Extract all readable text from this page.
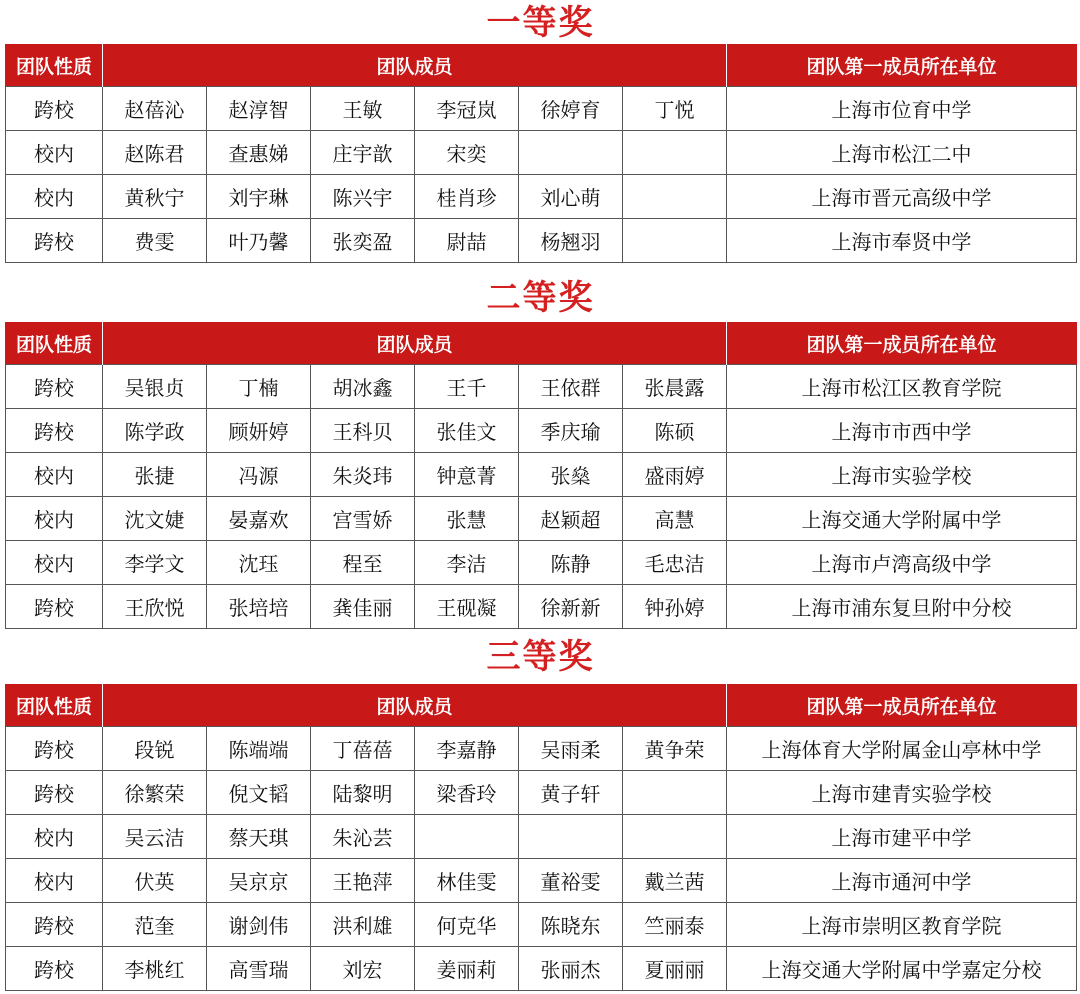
一等奖
团队性质	团队成员						团队第一成员所在单位
跨校	赵蓓沁	赵淳智	王敏	李冠岚	徐婷育	丁悦	上海市位育中学
校内	赵陈君	查惠娣	庄宇歆	宋奕			上海市松江二中
校内	黄秋宁	刘宇琳	陈兴宇	桂肖珍	刘心萌		上海市晋元高级中学
跨校	费雯	叶乃馨	张奕盈	尉喆	杨翘羽		上海市奉贤中学
二等奖
团队性质	团队成员						团队第一成员所在单位
跨校	吴银贞	丁楠	胡冰鑫	王千	王依群	张晨露	上海市松江区教育学院
跨校	陈学政	顾妍婷	王科贝	张佳文	季庆瑜	陈硕	上海市市西中学
校内	张捷	冯源	朱炎玮	钟意菁	张燊	盛雨婷	上海市实验学校
校内	沈文婕	晏嘉欢	宫雪娇	张慧	赵颖超	高慧	上海交通大学附属中学
校内	李学文	沈珏	程至	李洁	陈静	毛忠洁	上海市卢湾高级中学
跨校	王欣悦	张培培	龚佳丽	王砚凝	徐新新	钟孙婷	上海市浦东复旦附中分校
三等奖
团队性质	团队成员						团队第一成员所在单位
跨校	段锐	陈端端	丁蓓蓓	李嘉静	吴雨柔	黄争荣	上海体育大学附属金山亭林中学
跨校	徐繁荣	倪文韬	陆黎明	梁香玲	黄子轩		上海市建青实验学校
校内	吴云洁	蔡天琪	朱沁芸				上海市建平中学
校内	伏英	吴京京	王艳萍	林佳雯	董裕雯	戴兰茜	上海市通河中学
跨校	范奎	谢剑伟	洪利雄	何克华	陈晓东	竺丽泰	上海市崇明区教育学院
跨校	李桃红	高雪瑞	刘宏	姜丽莉	张丽杰	夏丽丽	上海交通大学附属中学嘉定分校
